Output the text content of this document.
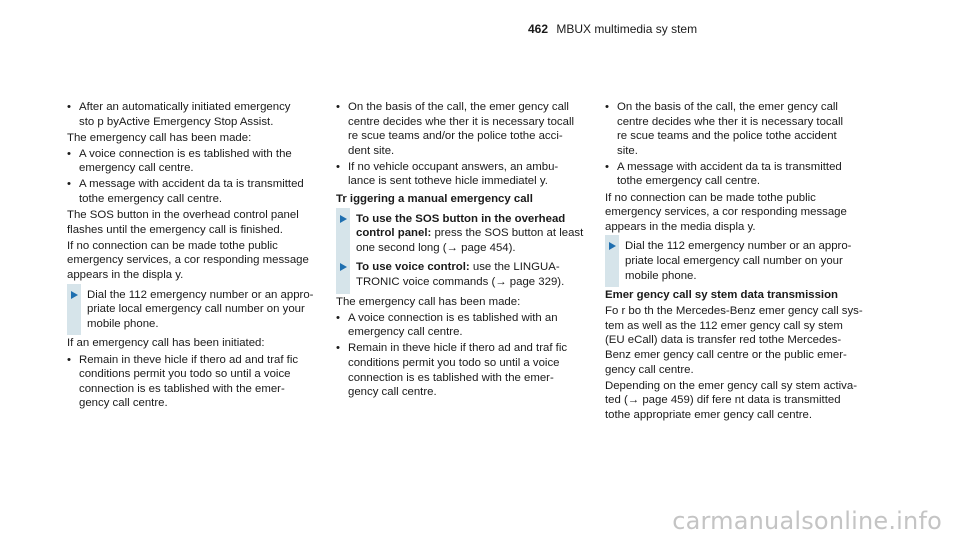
462 MBUX multimedia sy stem
• After an automatically initiated emergency
sto p byActive Emergency Stop Assist.
The emergency call has been made:
• A voice connection is es tablished with the
emergency call centre.
• A message with accident da ta is transmitted
tothe emergency call centre.
The SOS button in the overhead control panel
flashes until the emergency call is finished.
If no connection can be made tothe public
emergency services, a cor responding message
appears in the displa y.
Dial the 112 emergency number or an appro‐
priate local emergency call number on your
mobile phone.
If an emergency call has been initiated:
• Remain in theve hicle if thero ad and traf fic
conditions permit you todo so until a voice
connection is es tablished with the emer‐
gency call centre.
• On the basis of the call, the emer gency call
centre decides whe ther it is necessary tocall
re scue teams and/or the police tothe acci‐
dent site.
• If no vehicle occupant answers, an ambu‐
lance is sent totheve hicle immediatel y.
Tr iggering a manual emergency call
To use the SOS button in the overhead
control panel: press the SOS button at least
one second long (→ page 454).
To use voice control: use the LINGUA‐
TRONIC voice commands (→ page 329).
The emergency call has been made:
• A voice connection is es tablished with an
emergency call centre.
• Remain in theve hicle if thero ad and traf fic
conditions permit you todo so until a voice
connection is es tablished with the emer‐
gency call centre.
• On the basis of the call, the emer gency call
centre decides whe ther it is necessary tocall
re scue teams and the police tothe accident
site.
• A message with accident da ta is transmitted
tothe emergency call centre.
If no connection can be made tothe public
emergency services, a cor responding message
appears in the media displa y.
Dial the 112 emergency number or an appro‐
priate local emergency call number on your
mobile phone.
Emer gency call sy stem data transmission
Fo r bo th the Mercedes-Benz emer gency call sys‐
tem as well as the 112 emer gency call sy stem
(EU eCall) data is transfer red tothe Mercedes-
Benz emer gency call centre or the public emer‐
gency call centre.
Depending on the emer gency call sy stem activa‐
ted (→ page 459) dif fere nt data is transmitted
tothe appropriate emer gency call centre.
carmanualsonline.info
